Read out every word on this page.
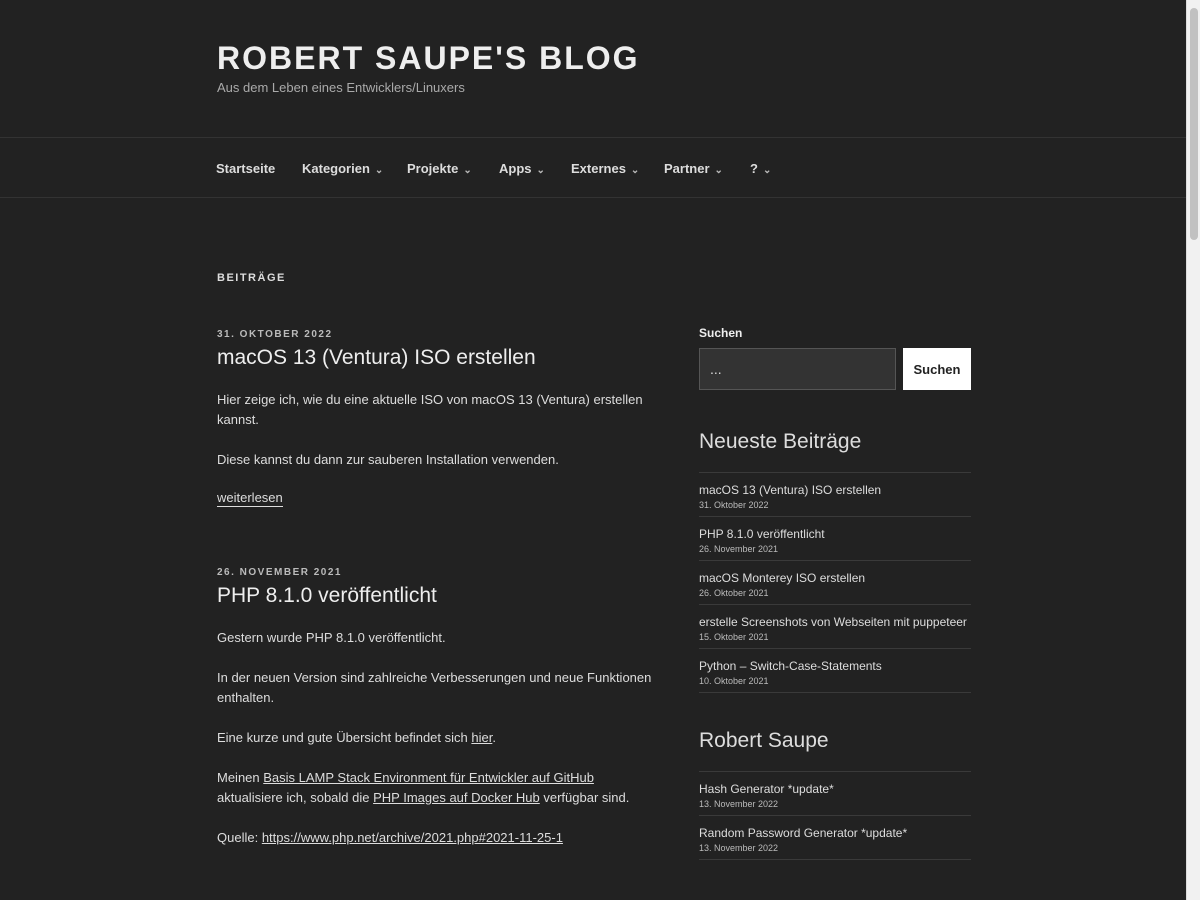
ROBERT SAUPE'S BLOG
Aus dem Leben eines Entwicklers/Linuxers
Startseite Kategorien ⌄ Projekte ⌄ Apps ⌄ Externes ⌄ Partner ⌄ ? ⌄
BEITRÄGE
31. OKTOBER 2022
macOS 13 (Ventura) ISO erstellen

Hier zeige ich, wie du eine aktuelle ISO von macOS 13 (Ventura) erstellen kannst.

Diese kannst du dann zur sauberen Installation verwenden.

weiterlesen
26. NOVEMBER 2021
PHP 8.1.0 veröffentlicht

Gestern wurde PHP 8.1.0 veröffentlicht.

In der neuen Version sind zahlreiche Verbesserungen und neue Funktionen enthalten.

Eine kurze und gute Übersicht befindet sich hier.

Meinen Basis LAMP Stack Environment für Entwickler auf GitHub aktualisiere ich, sobald die PHP Images auf Docker Hub verfügbar sind.

Quelle: https://www.php.net/archive/2021.php#2021-11-25-1

Suchen
...
Suchen
Neueste Beiträge
macOS 13 (Ventura) ISO erstellen
31. Oktober 2022
PHP 8.1.0 veröffentlicht
26. November 2021
macOS Monterey ISO erstellen
26. Oktober 2021
erstelle Screenshots von Webseiten mit puppeteer
15. Oktober 2021
Python – Switch-Case-Statements
10. Oktober 2021
Robert Saupe
Hash Generator *update*
13. November 2022
Random Password Generator *update*
13. November 2022
